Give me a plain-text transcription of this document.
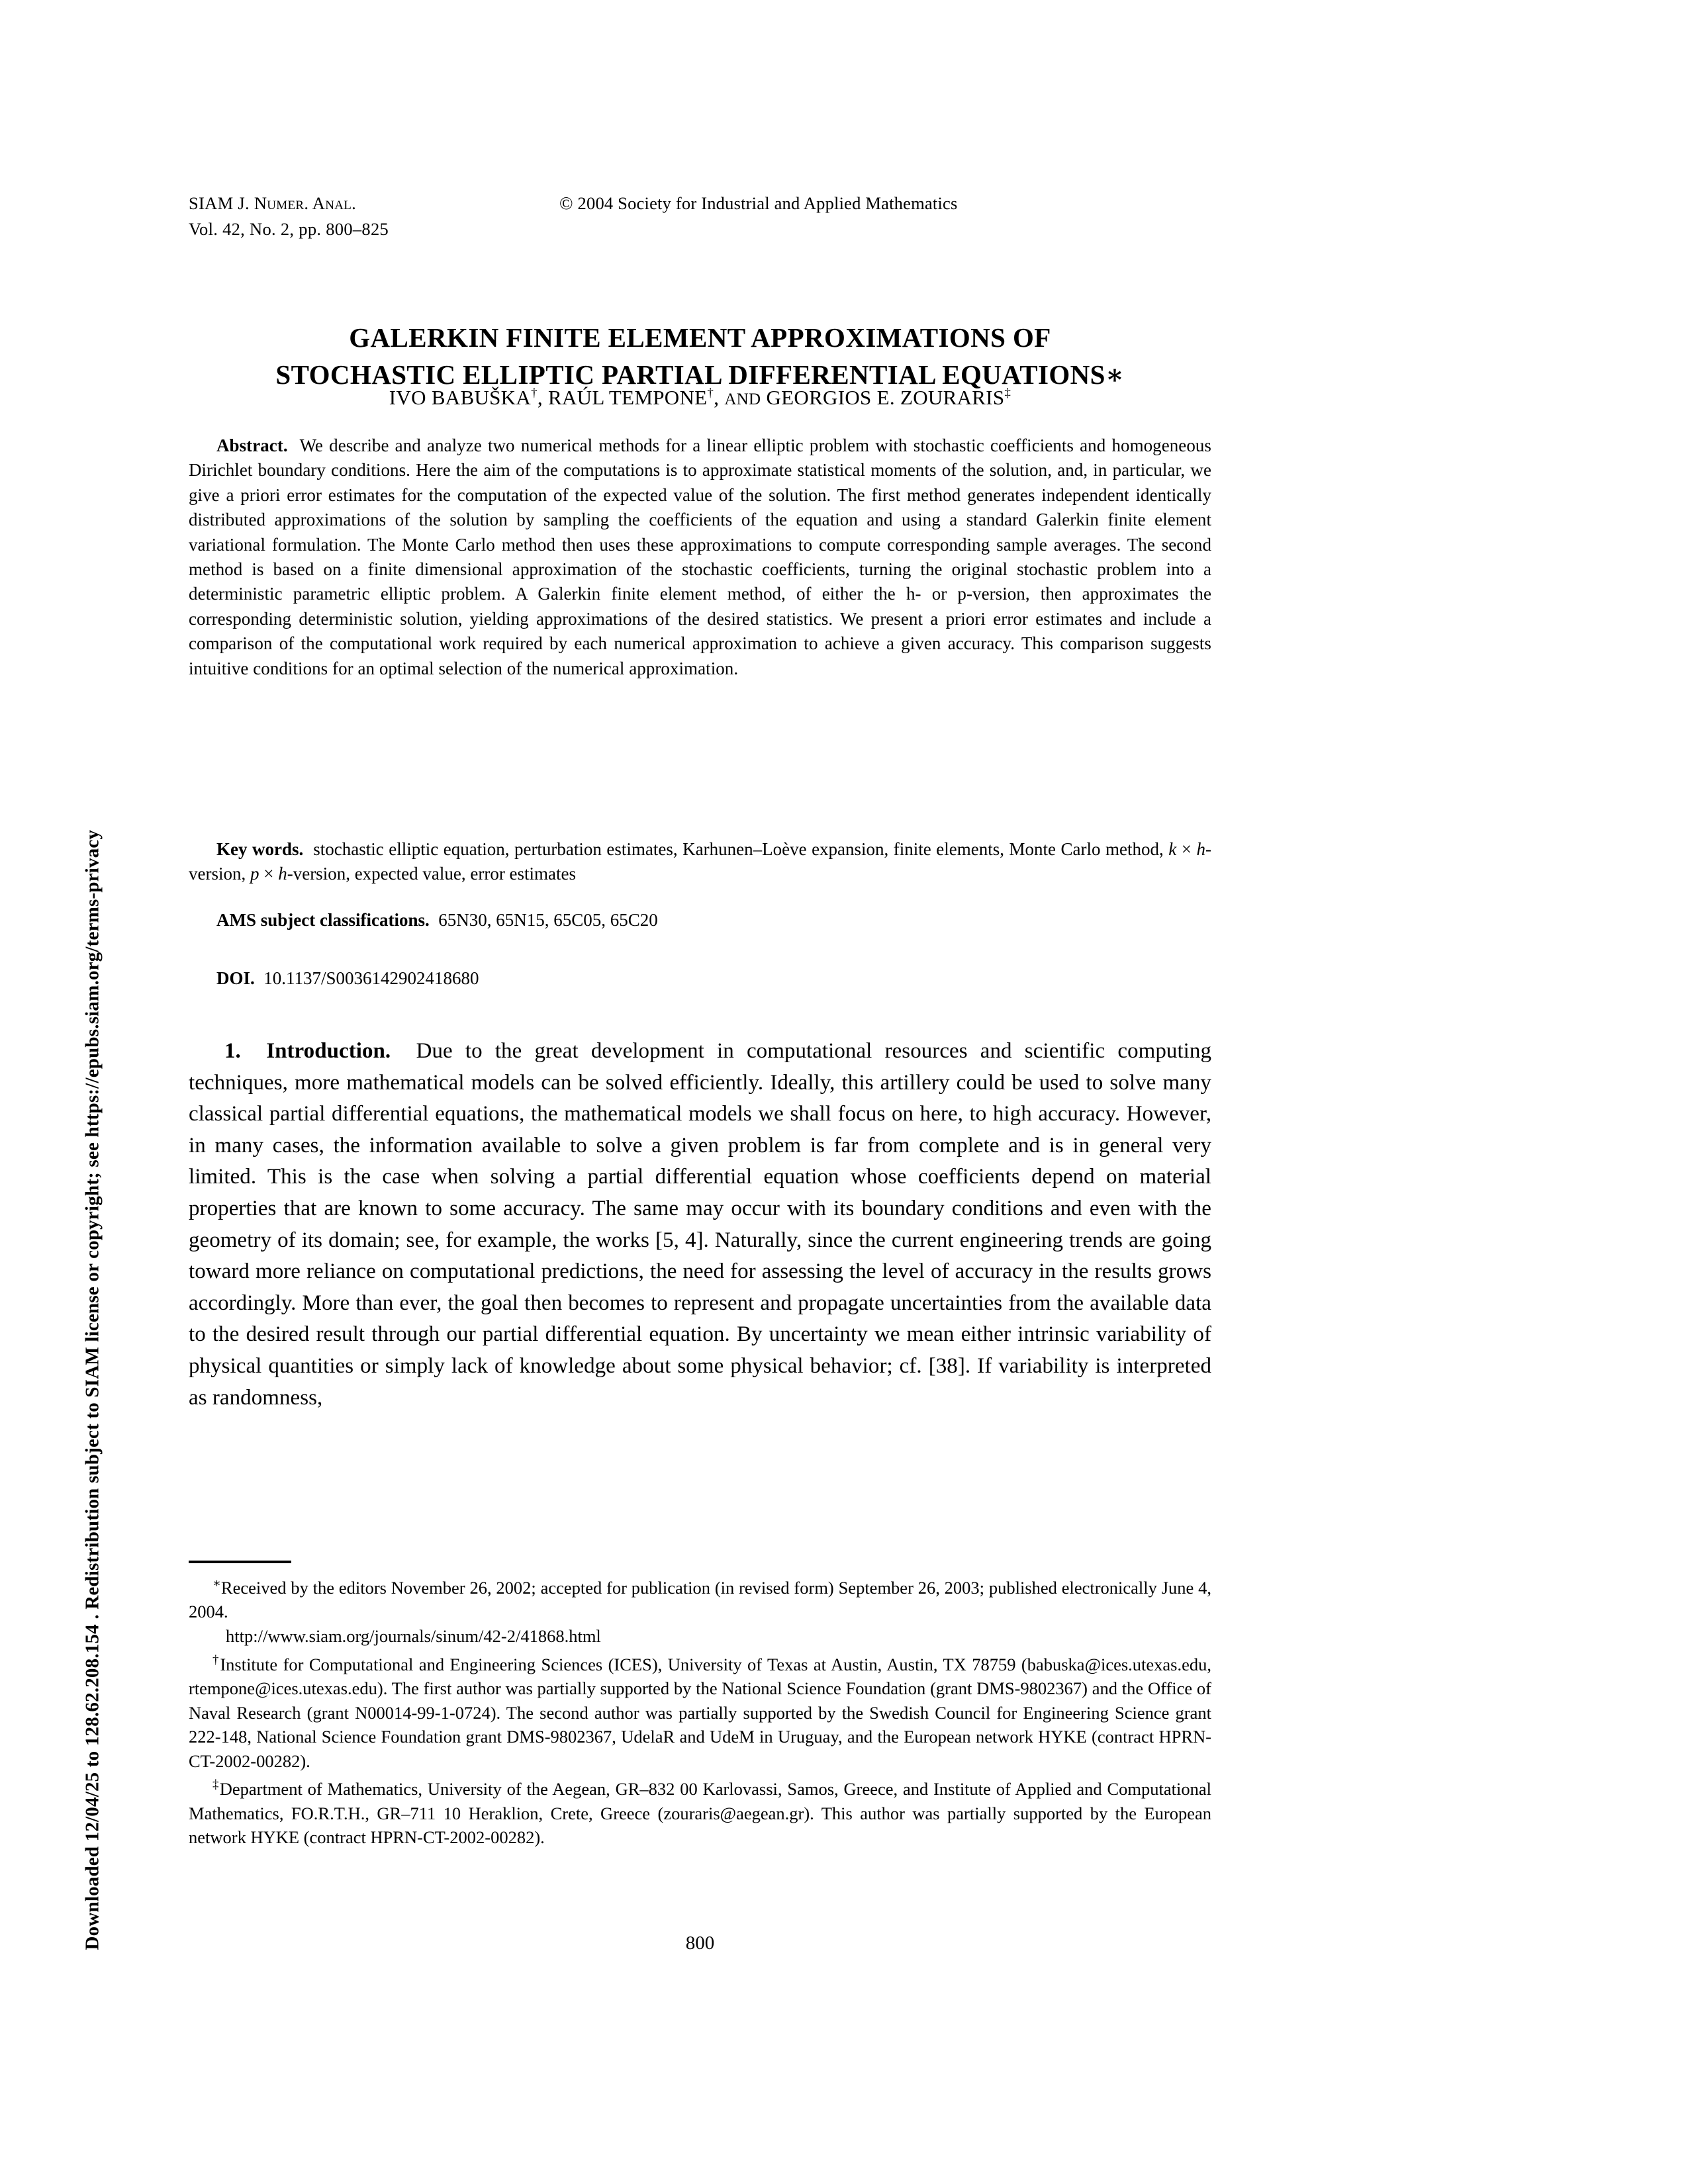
Downloaded 12/04/25 to 128.62.208.154 . Redistribution subject to SIAM license or copyright; see https://epubs.siam.org/terms-privacy
SIAM J. Numer. Anal.
Vol. 42, No. 2, pp. 800–825
© 2004 Society for Industrial and Applied Mathematics
GALERKIN FINITE ELEMENT APPROXIMATIONS OF
STOCHASTIC ELLIPTIC PARTIAL DIFFERENTIAL EQUATIONS∗
IVO BABUŠKA†, RAÚL TEMPONE†, AND GEORGIOS E. ZOURARIS‡
Abstract. We describe and analyze two numerical methods for a linear elliptic problem with stochastic coefficients and homogeneous Dirichlet boundary conditions. Here the aim of the computations is to approximate statistical moments of the solution, and, in particular, we give a priori error estimates for the computation of the expected value of the solution. The first method generates independent identically distributed approximations of the solution by sampling the coefficients of the equation and using a standard Galerkin finite element variational formulation. The Monte Carlo method then uses these approximations to compute corresponding sample averages. The second method is based on a finite dimensional approximation of the stochastic coefficients, turning the original stochastic problem into a deterministic parametric elliptic problem. A Galerkin finite element method, of either the h- or p-version, then approximates the corresponding deterministic solution, yielding approximations of the desired statistics. We present a priori error estimates and include a comparison of the computational work required by each numerical approximation to achieve a given accuracy. This comparison suggests intuitive conditions for an optimal selection of the numerical approximation.
Key words. stochastic elliptic equation, perturbation estimates, Karhunen–Loève expansion, finite elements, Monte Carlo method, k × h-version, p × h-version, expected value, error estimates
AMS subject classifications. 65N30, 65N15, 65C05, 65C20
DOI. 10.1137/S0036142902418680
1. Introduction. Due to the great development in computational resources and scientific computing techniques, more mathematical models can be solved efficiently. Ideally, this artillery could be used to solve many classical partial differential equations, the mathematical models we shall focus on here, to high accuracy. However, in many cases, the information available to solve a given problem is far from complete and is in general very limited. This is the case when solving a partial differential equation whose coefficients depend on material properties that are known to some accuracy. The same may occur with its boundary conditions and even with the geometry of its domain; see, for example, the works [5, 4]. Naturally, since the current engineering trends are going toward more reliance on computational predictions, the need for assessing the level of accuracy in the results grows accordingly. More than ever, the goal then becomes to represent and propagate uncertainties from the available data to the desired result through our partial differential equation. By uncertainty we mean either intrinsic variability of physical quantities or simply lack of knowledge about some physical behavior; cf. [38]. If variability is interpreted as randomness,

∗Received by the editors November 26, 2002; accepted for publication (in revised form) September 26, 2003; published electronically June 4, 2004.

http://www.siam.org/journals/sinum/42-2/41868.html

†Institute for Computational and Engineering Sciences (ICES), University of Texas at Austin, Austin, TX 78759 (babuska@ices.utexas.edu, rtempone@ices.utexas.edu). The first author was partially supported by the National Science Foundation (grant DMS-9802367) and the Office of Naval Research (grant N00014-99-1-0724). The second author was partially supported by the Swedish Council for Engineering Science grant 222-148, National Science Foundation grant DMS-9802367, UdelaR and UdeM in Uruguay, and the European network HYKE (contract HPRN-CT-2002-00282).

‡Department of Mathematics, University of the Aegean, GR–832 00 Karlovassi, Samos, Greece, and Institute of Applied and Computational Mathematics, FO.R.T.H., GR–711 10 Heraklion, Crete, Greece (zouraris@aegean.gr). This author was partially supported by the European network HYKE (contract HPRN-CT-2002-00282).

800
